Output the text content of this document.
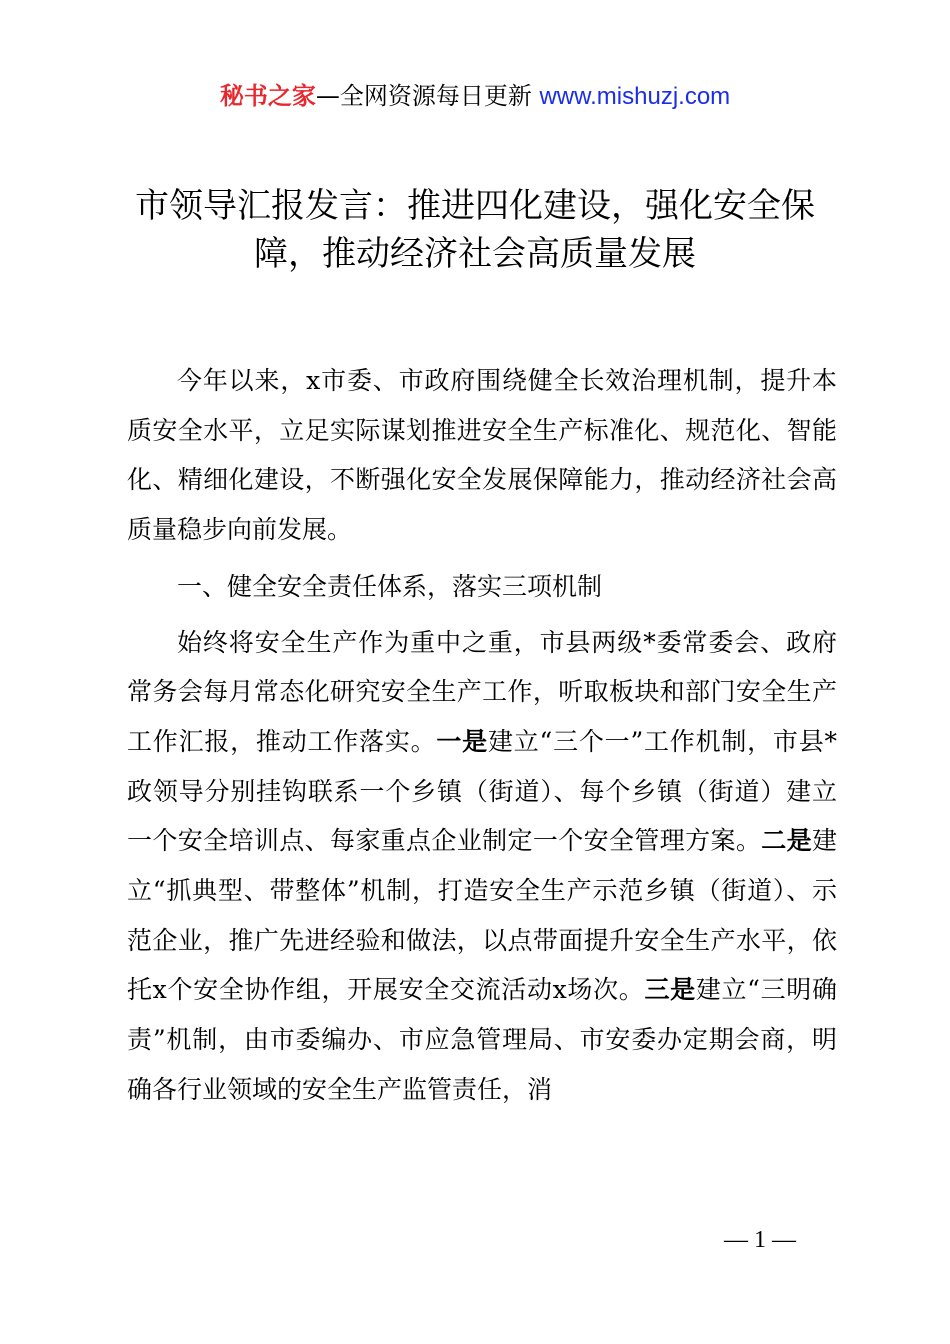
秘书之家—全网资源每日更新 www.mishuzj.com
市领导汇报发言：推进四化建设，强化安全保
障，推动经济社会高质量发展

今年以来，x市委、市政府围绕健全长效治理机制，提升本质安全水平，立足实际谋划推进安全生产标准化、规范化、智能化、精细化建设，不断强化安全发展保障能力，推动经济社会高质量稳步向前发展。

一、健全安全责任体系，落实三项机制

始终将安全生产作为重中之重，市县两级*委常委会、政府常务会每月常态化研究安全生产工作，听取板块和部门安全生产工作汇报，推动工作落实。一是建立“三个一”工作机制，市县*政领导分别挂钩联系一个乡镇（街道）、每个乡镇（街道）建立一个安全培训点、每家重点企业制定一个安全管理方案。二是建立“抓典型、带整体”机制，打造安全生产示范乡镇（街道）、示范企业，推广先进经验和做法，以点带面提升安全生产水平，依托x个安全协作组，开展安全交流活动x场次。三是建立“三明确责”机制，由市委编办、市应急管理局、市安委办定期会商，明确各行业领域的安全生产监管责任，消

— 1 —
